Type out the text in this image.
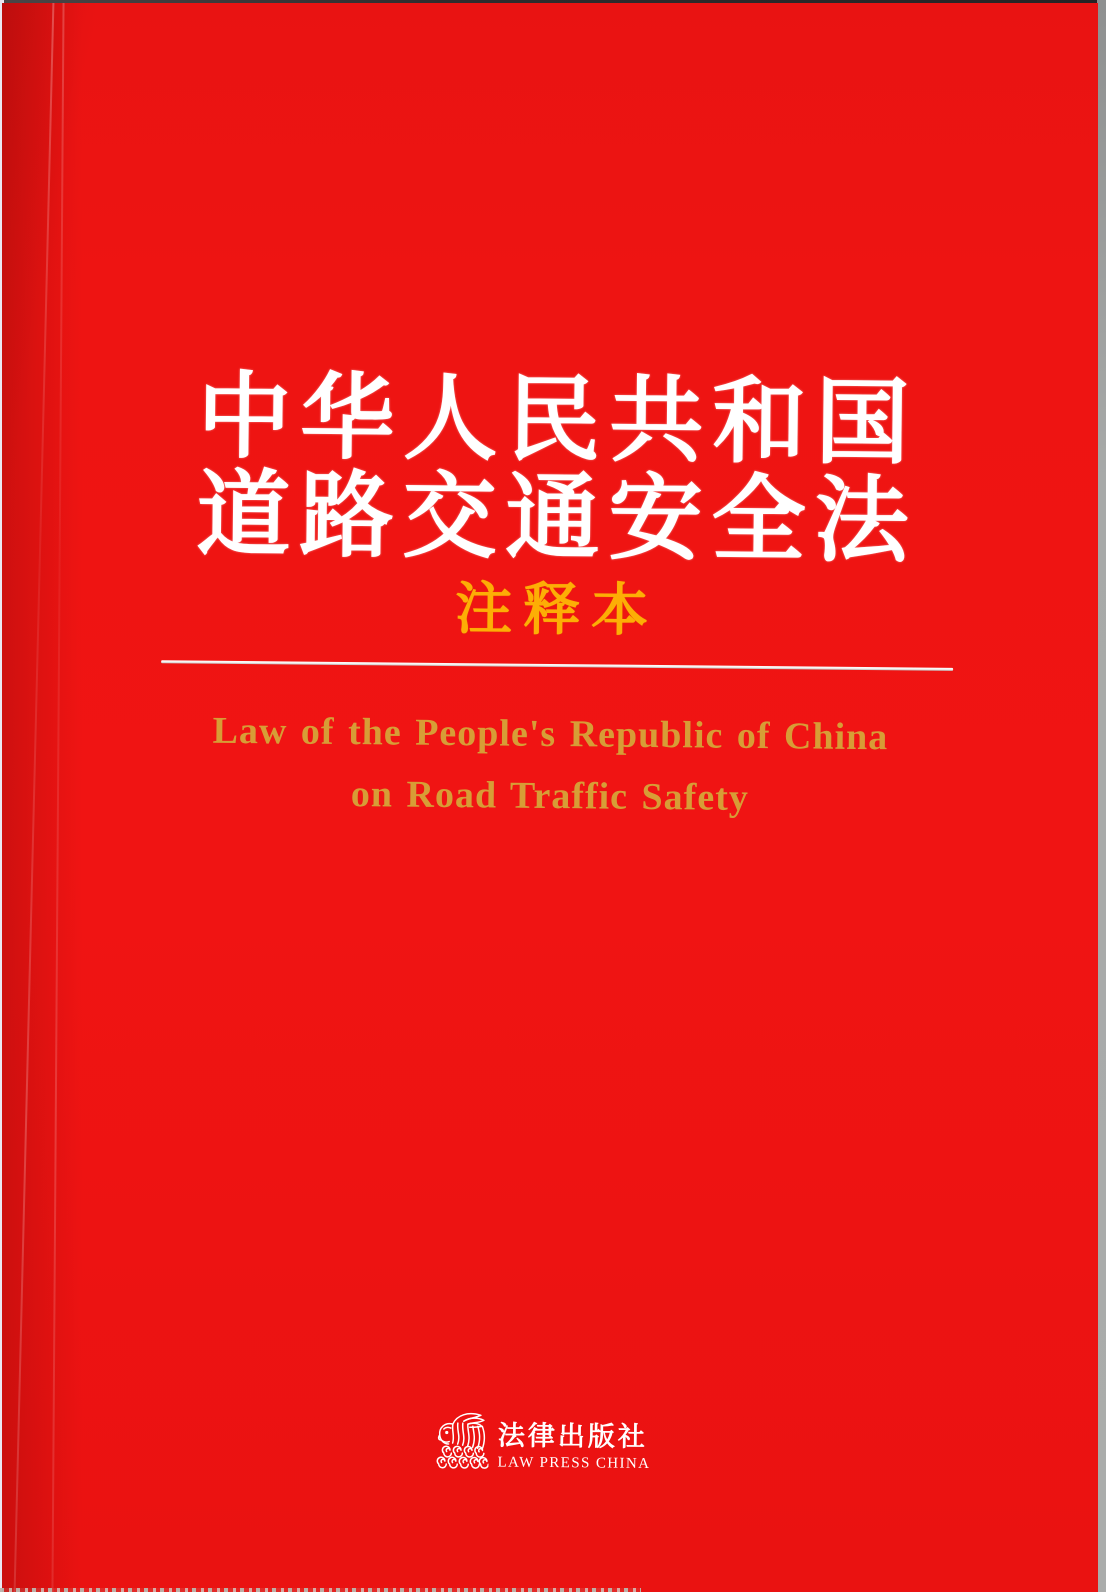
中华人民共和国
道路交通安全法
注释本
Law of the People's Republic of China
on Road Traffic Safety
法律出版社
LAW PRESS CHINA
